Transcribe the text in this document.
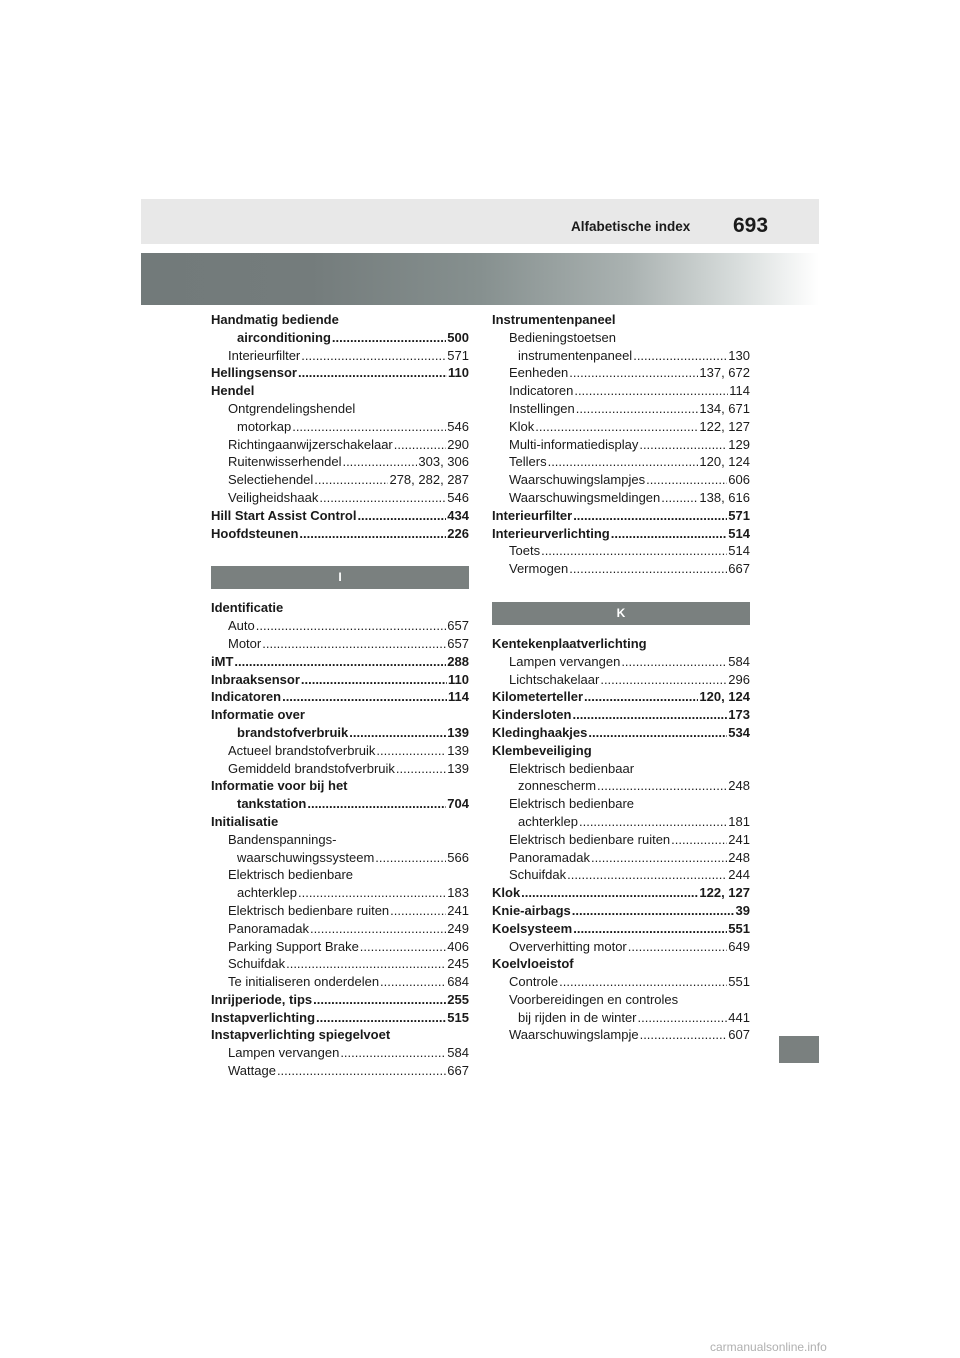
Alfabetische index 693
Handmatig bediende
airconditioning .....	500
Interieurfilter .....	571
Hellingsensor .....	110
Hendel
Ontgrendelingshendel
motorkap .....	546
Richtingaanwijzerschakelaar .....	290
Ruitenwisserhendel .....	303, 306
Selectiehendel .....	278, 282, 287
Veiligheidshaak .....	546
Hill Start Assist Control .....	434
Hoofdsteunen .....	226
I
Identificatie
Auto .....	657
Motor .....	657
iMT .....	288
Inbraaksensor .....	110
Indicatoren .....	114
Informatie over
brandstofverbruik .....	139
Actueel brandstofverbruik .....	139
Gemiddeld brandstofverbruik .....	139
Informatie voor bij het
tankstation .....	704
Initialisatie
Bandenspannings-
waarschuwingssysteem .....	566
Elektrisch bedienbare
achterklep .....	183
Elektrisch bedienbare ruiten .....	241
Panoramadak .....	249
Parking Support Brake .....	406
Schuifdak .....	245
Te initialiseren onderdelen .....	684
Inrijperiode, tips .....	255
Instapverlichting .....	515
Instapverlichting spiegelvoet
Lampen vervangen .....	584
Wattage .....	667
Instrumentenpaneel
Bedieningstoetsen
instrumentenpaneel .....	130
Eenheden .....	137, 672
Indicatoren .....	114
Instellingen .....	134, 671
Klok .....	122, 127
Multi-informatiedisplay .....	129
Tellers .....	120, 124
Waarschuwingslampjes .....	606
Waarschuwingsmeldingen .....	138, 616
Interieurfilter .....	571
Interieurverlichting .....	514
Toets .....	514
Vermogen .....	667
K
Kentekenplaatverlichting
Lampen vervangen .....	584
Lichtschakelaar .....	296
Kilometerteller .....	120, 124
Kindersloten .....	173
Kledinghaakjes .....	534
Klembeveiliging
Elektrisch bedienbaar
zonnescherm .....	248
Elektrisch bedienbare
achterklep .....	181
Elektrisch bedienbare ruiten .....	241
Panoramadak .....	248
Schuifdak .....	244
Klok .....	122, 127
Knie-airbags .....	39
Koelsysteem .....	551
Oververhitting motor .....	649
Koelvloeistof
Controle .....	551
Voorbereidingen en controles
bij rijden in de winter .....	441
Waarschuwingslampje .....	607
carmanualsonline.info
